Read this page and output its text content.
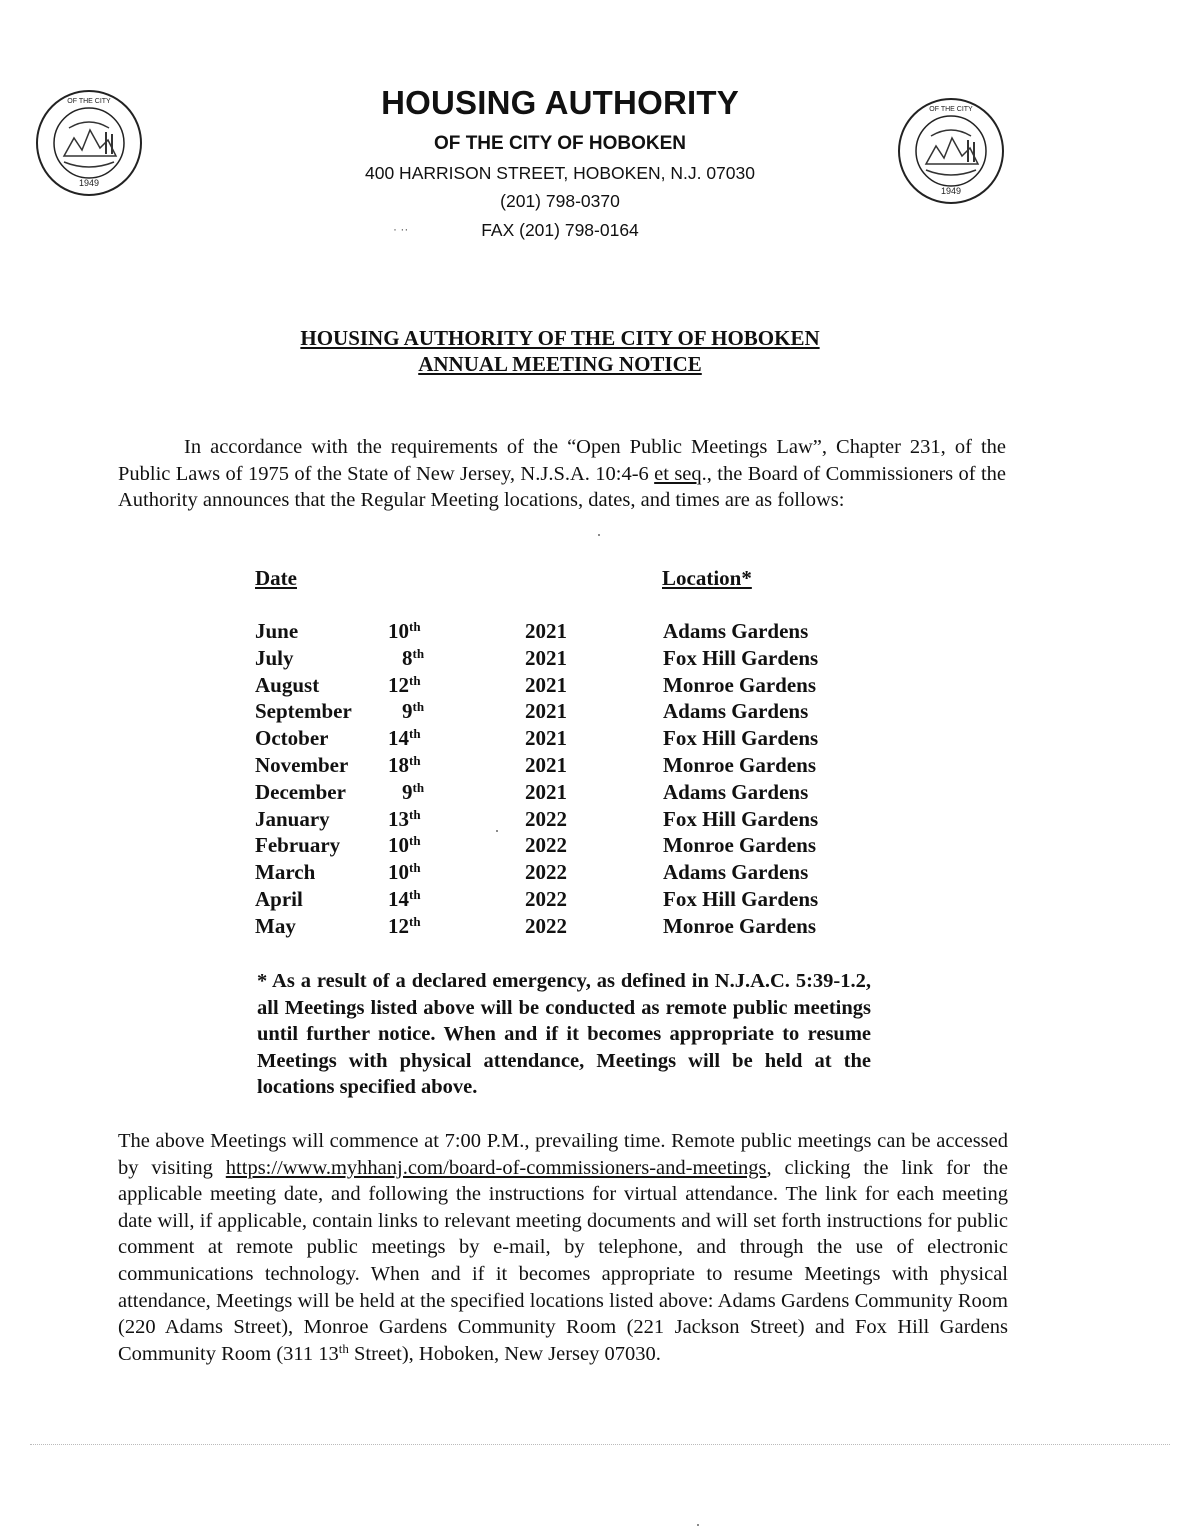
1949
OF THE CITY
1949
OF THE CITY
HOUSING AUTHORITY
OF THE CITY OF HOBOKEN
400 HARRISON STREET, HOBOKEN, N.J. 07030
(201) 798-0370
FAX (201) 798-0164
· ··
HOUSING AUTHORITY OF THE CITY OF HOBOKEN
ANNUAL MEETING NOTICE
In accordance with the requirements of the “Open Public Meetings Law”, Chapter 231, of the Public Laws of 1975 of the State of New Jersey, N.J.S.A. 10:4-6 et seq., the Board of Commissioners of the Authority announces that the Regular Meeting locations, dates, and times are as follows:
Date	Location*
June	10th	2021	Adams Gardens
July	8th	2021	Fox Hill Gardens
August	12th	2021	Monroe Gardens
September 9th	2021	Adams Gardens
October	14th	2021	Fox Hill Gardens
November 18th	2021	Monroe Gardens
December	9th	2021	Adams Gardens
January	13th	2022	Fox Hill Gardens
February 10th	2022	Monroe Gardens
March	10th	2022	Adams Gardens
April	14th	2022	Fox Hill Gardens
May	12th	2022	Monroe Gardens
* As a result of a declared emergency, as defined in N.J.A.C. 5:39-1.2, all Meetings listed above will be conducted as remote public meetings until further notice. When and if it becomes appropriate to resume Meetings with physical attendance, Meetings will be held at the locations specified above.
The above Meetings will commence at 7:00 P.M., prevailing time. Remote public meetings can be accessed by visiting https://www.myhhanj.com/board-of-commissioners-and-meetings, clicking the link for the applicable meeting date, and following the instructions for virtual attendance. The link for each meeting date will, if applicable, contain links to relevant meeting documents and will set forth instructions for public comment at remote public meetings by e-mail, by telephone, and through the use of electronic communications technology. When and if it becomes appropriate to resume Meetings with physical attendance, Meetings will be held at the specified locations listed above: Adams Gardens Community Room (220 Adams Street), Monroe Gardens Community Room (221 Jackson Street) and Fox Hill Gardens Community Room (311 13th Street), Hoboken, New Jersey 07030.
